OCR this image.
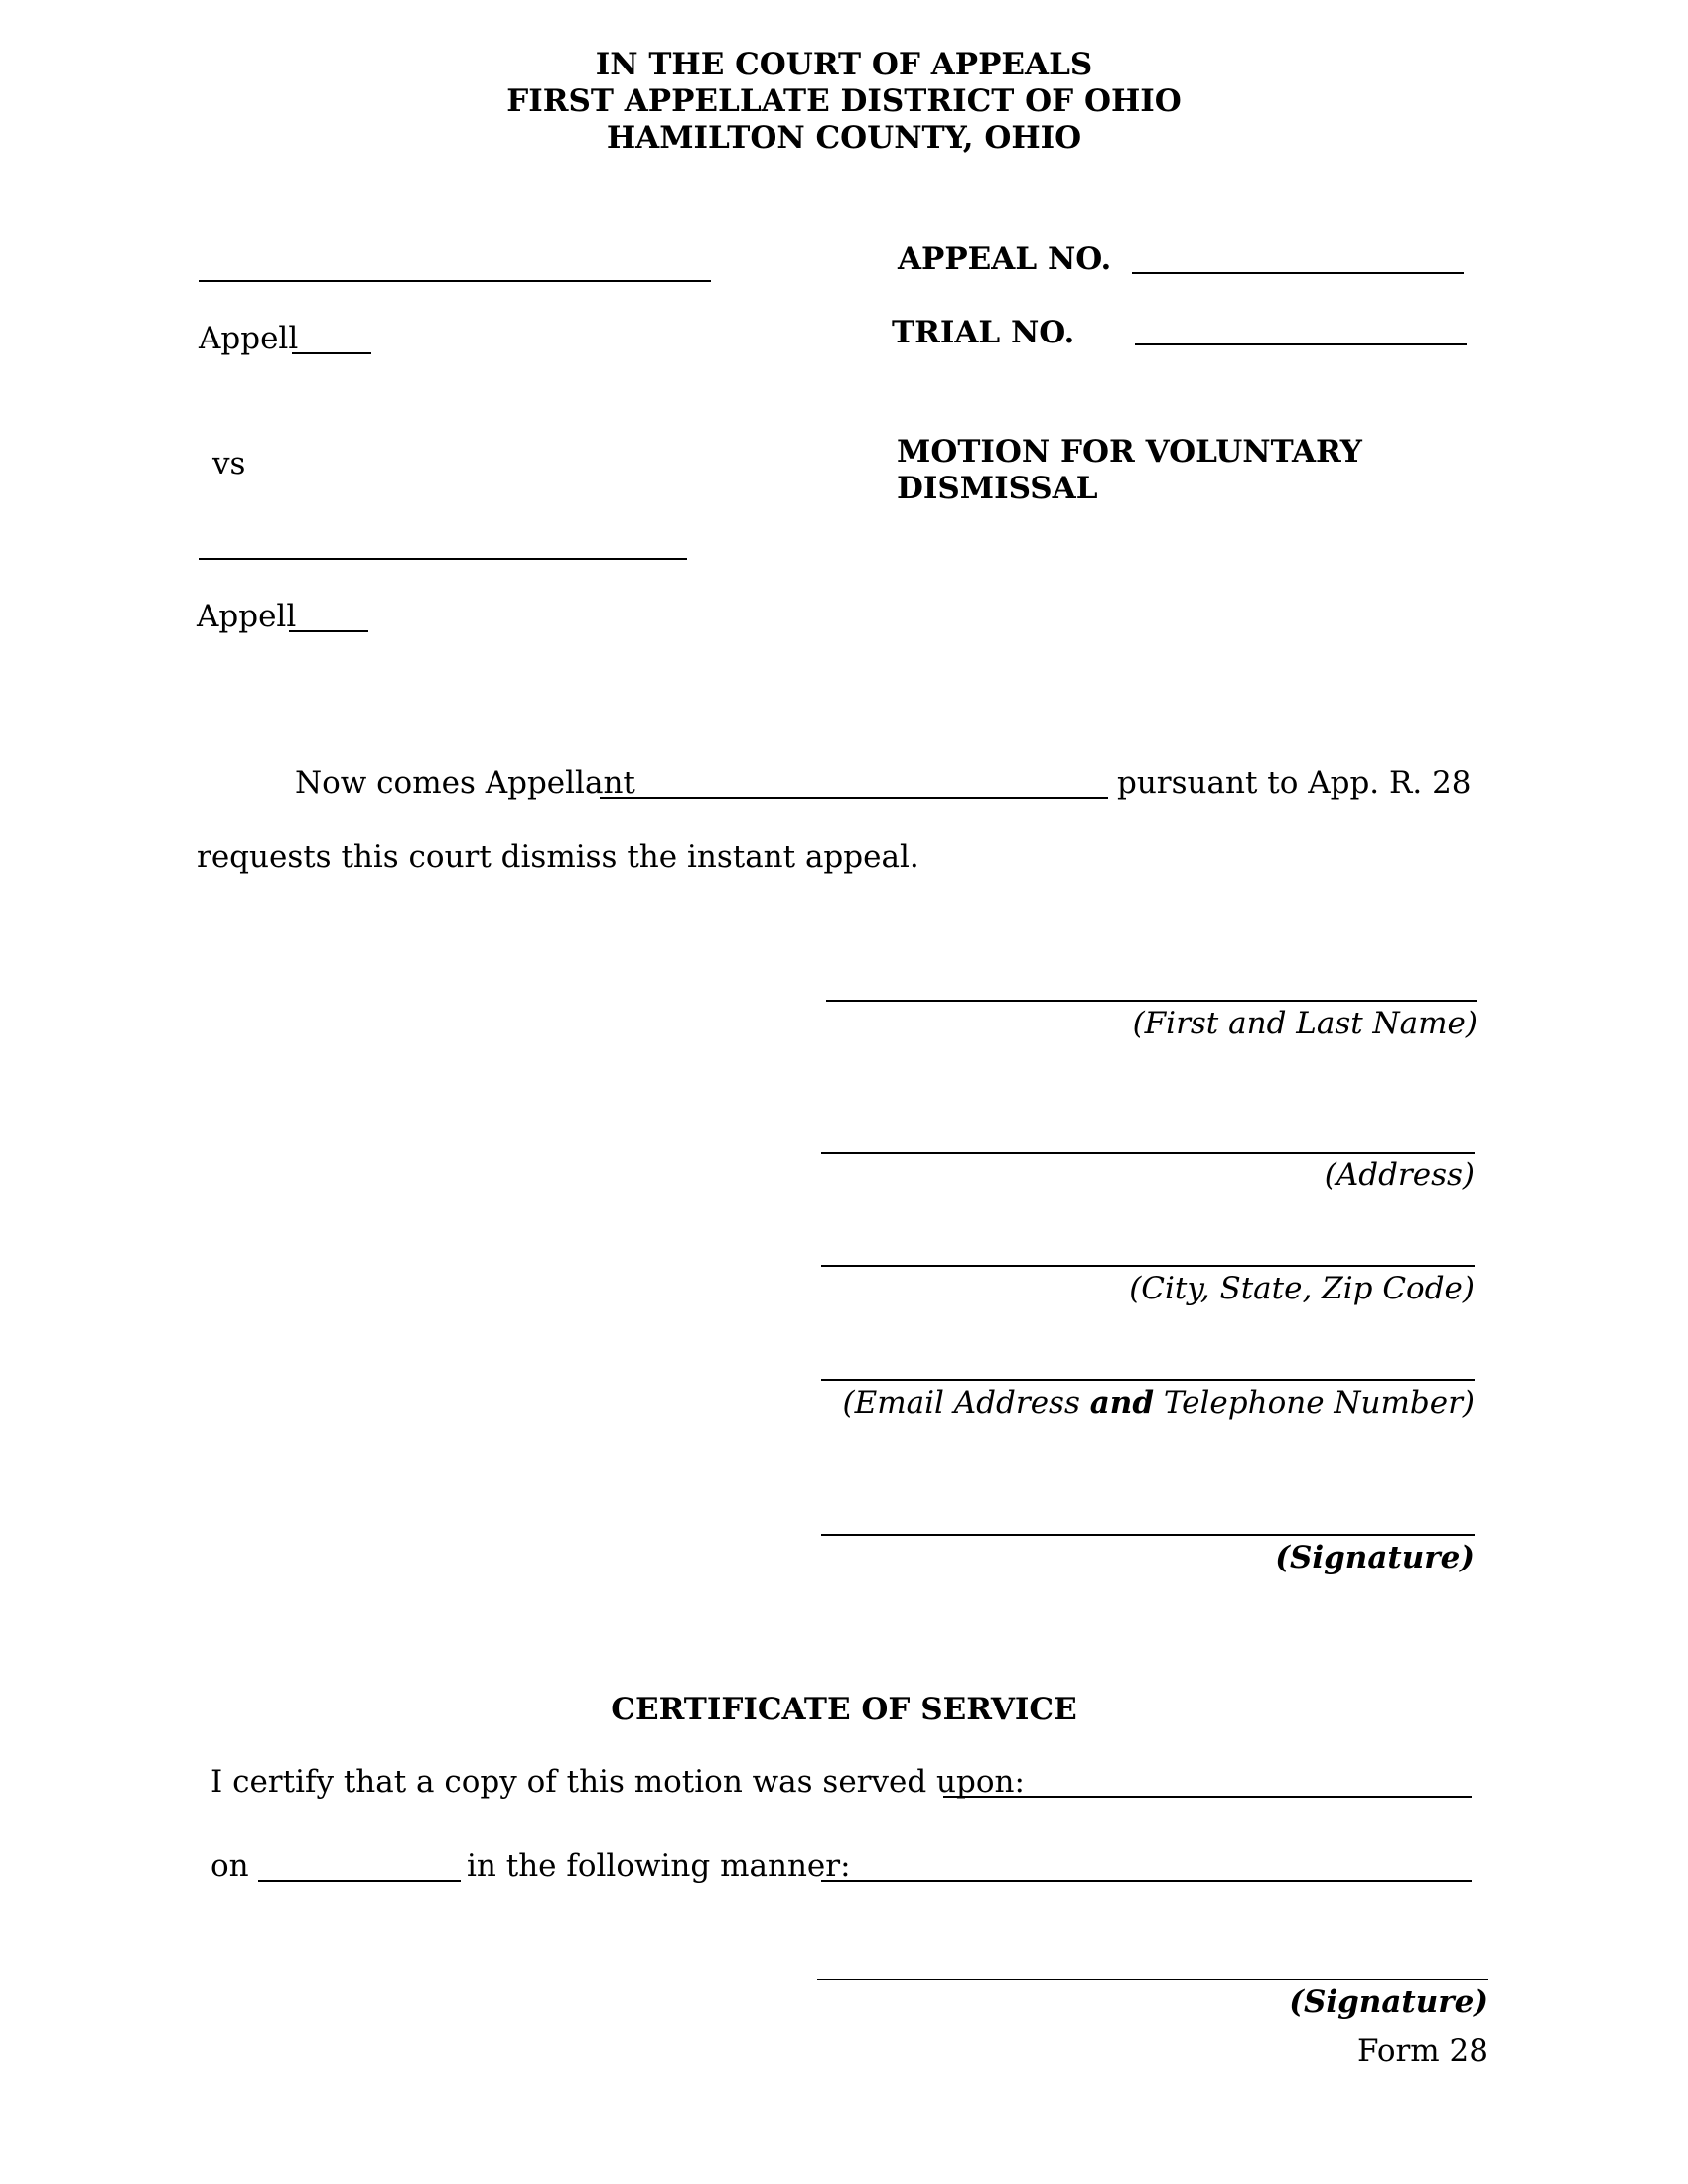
IN THE COURT OF APPEALS
FIRST APPELLATE DISTRICT OF OHIO
HAMILTON COUNTY, OHIO
Appell
vs
Appell
APPEAL NO.
TRIAL NO.
MOTION FOR VOLUNTARY
DISMISSAL
Now comes Appellant	pursuant to App. R. 28
requests this court dismiss the instant appeal.
(First and Last Name)
(Address)
(City, State, Zip Code)
(Email Address and Telephone Number)
(Signature)
CERTIFICATE OF SERVICE
I certify that a copy of this motion was served upon:
on	in the following manner:
(Signature)
Form 28
